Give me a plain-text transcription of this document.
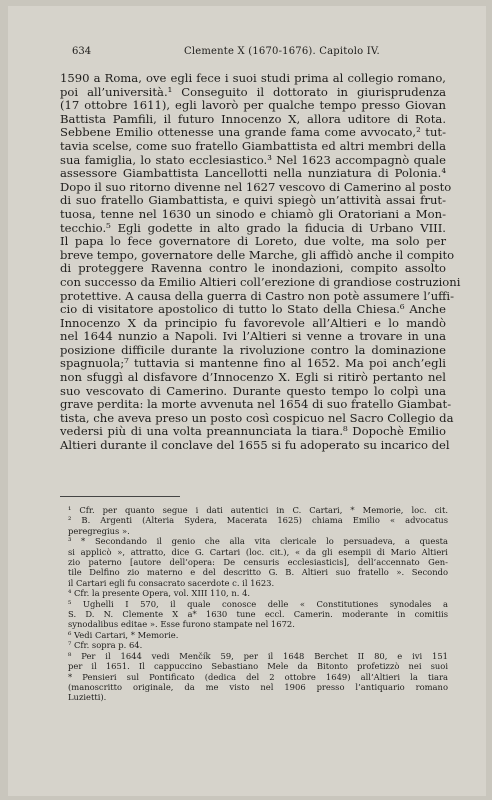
634	Clemente X (1670-1676). Capitolo IV.
1590 a Roma, ove egli fece i suoi studi prima al collegio romano,
poi all’università.¹ Conseguito il dottorato in giurisprudenza
(17 ottobre 1611), egli lavorò per qualche tempo presso Giovan
Battista Pamfili, il futuro Innocenzo X, allora uditore di Rota.
Sebbene Emilio ottenesse una grande fama come avvocato,² tut-
tavia scelse, come suo fratello Giambattista ed altri membri della
sua famiglia, lo stato ecclesiastico.³ Nel 1623 accompagnò quale
assessore Giambattista Lancellotti nella nunziatura di Polonia.⁴
Dopo il suo ritorno divenne nel 1627 vescovo di Camerino al posto
di suo fratello Giambattista, e quivi spiegò un’attività assai frut-
tuosa, tenne nel 1630 un sinodo e chiamò gli Oratoriani a Mon-
tecchio.⁵ Egli godette in alto grado la fiducia di Urbano VIII.
Il papa lo fece governatore di Loreto, due volte, ma solo per
breve tempo, governatore delle Marche, gli affidò anche il compito
di proteggere Ravenna contro le inondazioni, compito assolto
con successo da Emilio Altieri coll’erezione di grandiose costruzioni
protettive. A causa della guerra di Castro non potè assumere l’uffi-
cio di visitatore apostolico di tutto lo Stato della Chiesa.⁶ Anche
Innocenzo X da principio fu favorevole all’Altieri e lo mandò
nel 1644 nunzio a Napoli. Ivi l’Altieri si venne a trovare in una
posizione difficile durante la rivoluzione contro la dominazione
spagnuola;⁷ tuttavia si mantenne fino al 1652. Ma poi anch’egli
non sfuggì al disfavore d’Innocenzo X. Egli si ritirò pertanto nel
suo vescovato di Camerino. Durante questo tempo lo colpì una
grave perdita: la morte avvenuta nel 1654 di suo fratello Giambat-
tista, che aveva preso un posto così cospicuo nel Sacro Collegio da
vedersi più di una volta preannunciata la tiara.⁸ Dopochè Emilio
Altieri durante il conclave del 1655 si fu adoperato su incarico del
¹ Cfr. per quanto segue i dati autentici in C. Cartari, * Memorie, loc. cit.
² B. Argenti (Alteria Sydera, Macerata 1625) chiama Emilio « advocatus
peregregius ».
³ * Secondando il genio che alla vita clericale lo persuadeva, a questa
si applicò », attratto, dice G. Cartari (loc. cit.), « da gli esempii di Mario Altieri
zio paterno [autore dell’opera: De censuris ecclesiasticis], dell’accennato Gen-
tile Delfino zio materno e del descritto G. B. Altieri suo fratello ». Secondo
il Cartari egli fu consacrato sacerdote c. il 1623.
⁴ Cfr. la presente Opera, vol. XIII 110, n. 4.
⁵ Ughelli I 570, il quale conosce delle « Constitutiones synodales a
S. D. N. Clemente X a* 1630 tune eccl. Camerin. moderante in comitiis
synodalibus editae ». Esse furono stampate nel 1672.
⁶ Vedi Cartari, * Memorie.
⁷ Cfr. sopra p. 64.
⁸ Per il 1644 vedi Menčík 59, per il 1648 Berchet II 80, e ivi 151
per il 1651. Il cappuccino Sebastiano Mele da Bitonto profetizzò nei suoi
* Pensieri sul Pontificato (dedica del 2 ottobre 1649) all’Altieri la tiara
(manoscritto originale, da me visto nel 1906 presso l’antiquario romano
Luzietti).
